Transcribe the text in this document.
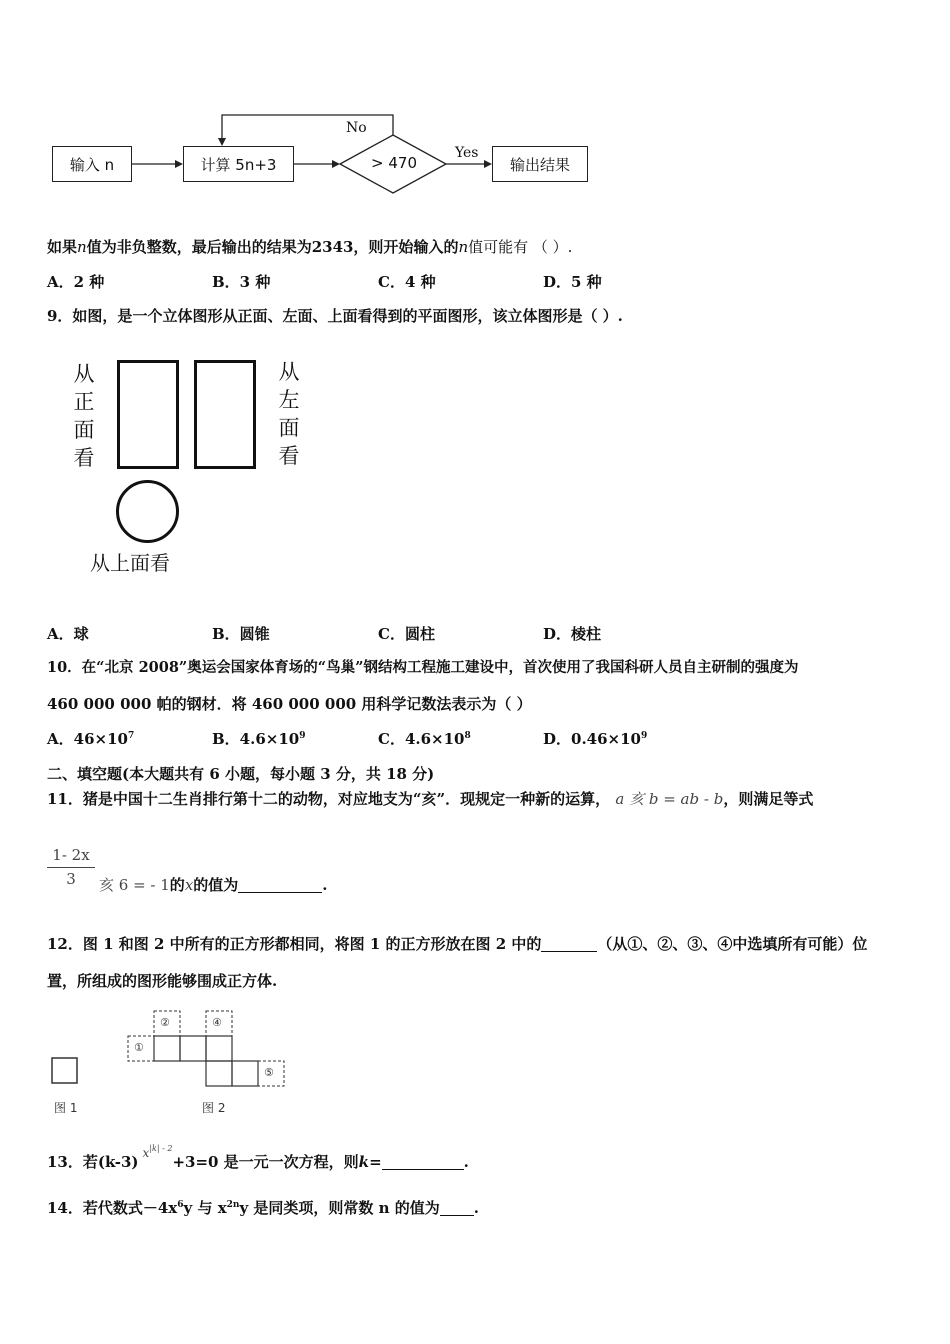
输入 n	计算 5n+3	> 470
No
Yes
输出结果
如果n值为非负整数，最后输出的结果为2343，则开始输入的n值可能有 （ ）.
A．2 种	B．3 种	C．4 种	D．5 种
9．如图，是一个立体图形从正面、左面、上面看得到的平面图形，该立体图形是（ ）.
从
正
面
看
从
左
面
看
从上面看
A．球	B．圆锥	C．圆柱	D．棱柱
10．在“北京 2008”奥运会国家体育场的“鸟巢”钢结构工程施工建设中，首次使用了我国科研人员自主研制的强度为
460 000 000 帕的钢材．将 460 000 000 用科学记数法表示为（ ）
A．$46\times 10^7$	B．$4.6\times 10^9$	C．$4.6\times 10^8$	D．$0.46\times 10^9$
二、填空题(本大题共有 6 小题，每小题 3 分，共 18 分)
11．猪是中国十二生肖排行第十二的动物，对应地支为“亥”．现规定一种新的运算， a 亥 b = ab - b，则满足等式
1- 2x
3	亥 6 = - 1的x的值为	.
12．图 1 和图 2 中所有的正方形都相同，将图 1 的正方形放在图 2 中的	（从①、②、③、④中选填所有可能）位
置，所组成的图形能够围成正方体.
①
②	④
⑤
图 1	图 2
13．若(k-3) $^{x^{|k| - 2}}$+3=0 是一元一次方程，则k=	.
14．若代数式$-4x^6y$ 与 $x^{2n}y$ 是同类项，则常数 n 的值为 .
